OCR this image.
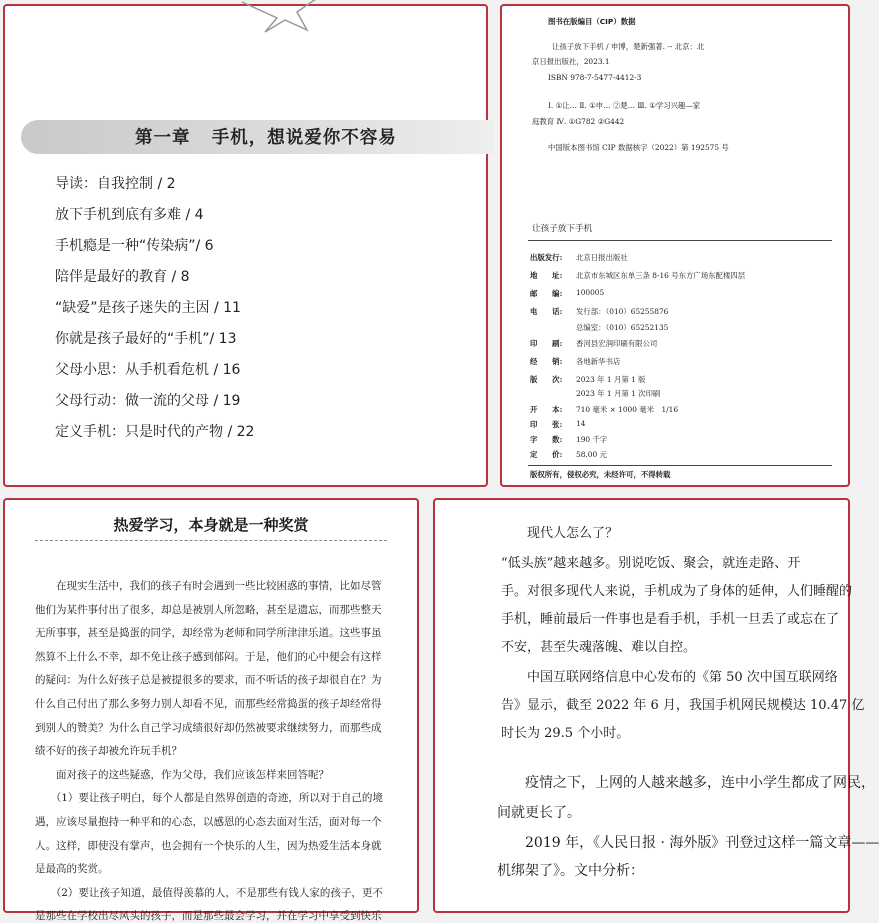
第一章   手机，想说爱你不容易
导读：自我控制 / 2
放下手机到底有多难 / 4
手机瘾是一种“传染病”/ 6
陪伴是最好的教育 / 8
“缺爱”是孩子迷失的主因 / 11
你就是孩子最好的“手机”/ 13
父母小思：从手机看危机 / 16
父母行动：做一流的父母 / 19
定义手机：只是时代的产物 / 22
图书在版编目（CIP）数据
让孩子放下手机 / 申博，楚新强著. -- 北京：北
京日报出版社，2023.1
ISBN 978-7-5477-4412-3
Ⅰ. ①让… Ⅱ. ①申… ②楚… Ⅲ. ①学习兴趣—家
庭教育 Ⅳ. ①G782 ②G442
中国版本图书馆 CIP 数据核字（2022）第 192575 号
让孩子放下手机
出版发行: 北京日报出版社
地　　址: 北京市东城区东单三条 8-16 号东方广场东配楼四层
邮　　编: 100005
电　　话: 发行部：（010）65255876
总编室：（010）65252135
印　　刷: 香河县宏润印刷有限公司
经　　销: 各地新华书店
版　　次: 2023 年 1 月第 1 版
2023 年 1 月第 1 次印刷
开　　本: 710 毫米 × 1000 毫米　1/16
印　　张: 14
字　　数: 190 千字
定　　价: 58.00 元
版权所有，侵权必究，未经许可，不得转载
热爱学习，本身就是一种奖赏
　　在现实生活中，我们的孩子有时会遇到一些比较困惑的事情，比如尽管
他们为某件事付出了很多，却总是被别人所忽略，甚至是遗忘，而那些整天
无所事事，甚至是捣蛋的同学，却经常为老师和同学所津津乐道。这些事虽
然算不上什么不幸，却不免让孩子感到郁闷。于是，他们的心中便会有这样
的疑问：为什么好孩子总是被提很多的要求，而不听话的孩子却很自在？为
什么自己付出了那么多努力别人却看不见，而那些经常捣蛋的孩子却经常得
到别人的赞美？为什么自己学习成绩很好却仍然被要求继续努力，而那些成
绩不好的孩子却被允许玩手机？
　　面对孩子的这些疑惑，作为父母，我们应该怎样来回答呢？
　　（1）要让孩子明白，每个人都是自然界创造的奇迹，所以对于自己的境
遇，应该尽量抱持一种平和的心态，以感恩的心态去面对生活，面对每一个
人。这样，即使没有掌声，也会拥有一个快乐的人生，因为热爱生活本身就
是最高的奖赏。
　　（2）要让孩子知道，最值得羡慕的人，不是那些有钱人家的孩子，更不
是那些在学校出尽风头的孩子，而是那些最会学习，并在学习中享受到快乐
现代人怎么了？
“低头族”越来越多。别说吃饭、聚会，就连走路、开
手。对很多现代人来说，手机成为了身体的延伸，人们睡醒的
手机，睡前最后一件事也是看手机，手机一旦丢了或忘在了
不安，甚至失魂落魄、难以自控。
　　中国互联网络信息中心发布的《第 50 次中国互联网络
告》显示，截至 2022 年 6 月，我国手机网民规模达 10.47 亿
时长为 29.5 个小时。
　　疫情之下，上网的人越来越多，连中小学生都成了网民，
间就更长了。
　　2019 年，《人民日报 · 海外版》刊登过这样一篇文章——
机绑架了》。文中分析：
